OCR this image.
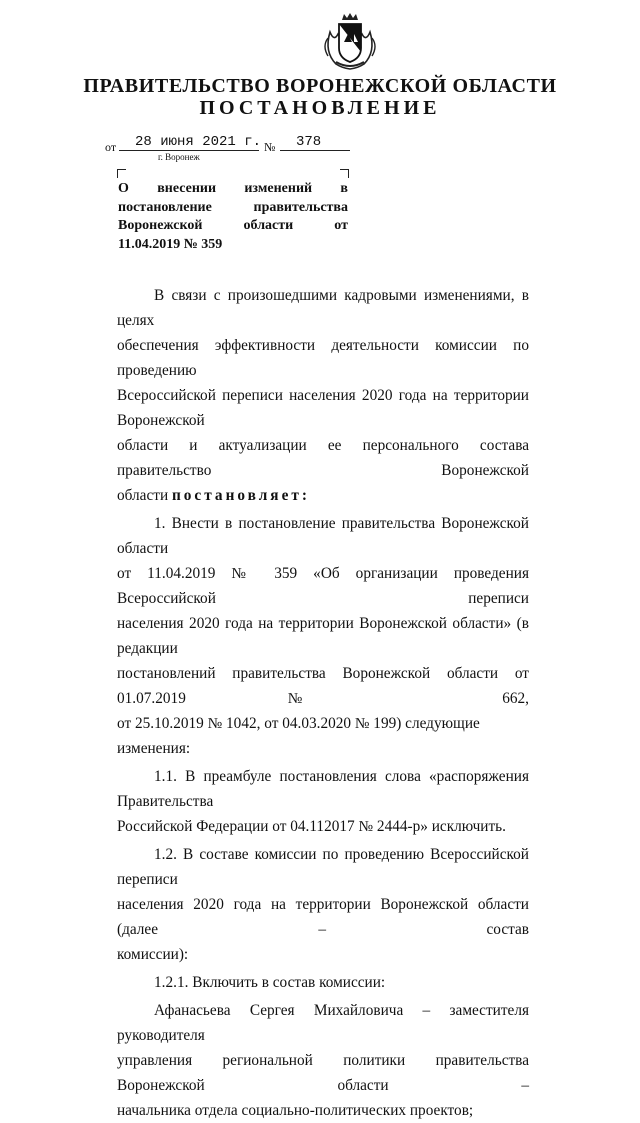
ПРАВИТЕЛЬСТВО ВОРОНЕЖСКОЙ ОБЛАСТИ
ПОСТАНОВЛЕНИЕ
от 28 июня 2021 г. № 378
г. Воронеж
О внесении изменений в
постановление	правительства
Воронежской	области	от
11.04.2019 № 359
В связи с произошедшими кадровыми изменениями, в целях
обеспечения эффективности деятельности комиссии по проведению
Всероссийской переписи населения 2020 года на территории Воронежской
области и актуализации ее персонального состава правительство Воронежской
области постановляет:
1. Внести в постановление правительства Воронежской области
от 11.04.2019 № 359 «Об организации проведения Всероссийской переписи
населения 2020 года на территории Воронежской области» (в редакции
постановлений правительства Воронежской области от 01.07.2019 № 662,
от 25.10.2019 № 1042, от 04.03.2020 № 199) следующие изменения:
1.1. В преамбуле постановления слова «распоряжения Правительства
Российской Федерации от 04.112017 № 2444-р» исключить.
1.2. В составе комиссии по проведению Всероссийской переписи
населения 2020 года на территории Воронежской области (далее – состав
комиссии):
1.2.1. Включить в состав комиссии:
Афанасьева Сергея Михайловича – заместителя руководителя
управления региональной политики правительства Воронежской области –
начальника отдела социально-политических проектов;
